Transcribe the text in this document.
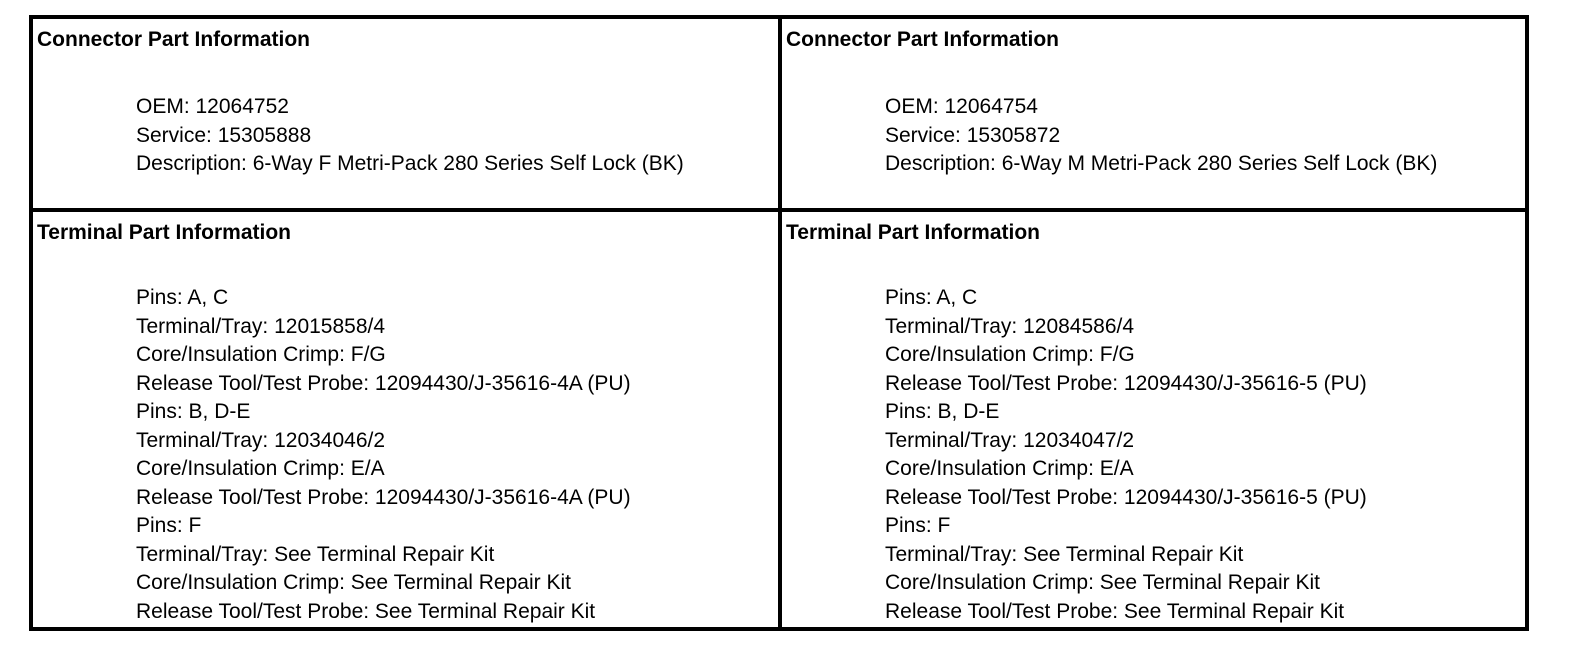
Connector Part Information
OEM: 12064752
Service: 15305888
Description: 6-Way F Metri-Pack 280 Series Self Lock (BK)
Connector Part Information
OEM: 12064754
Service: 15305872
Description: 6-Way M Metri-Pack 280 Series Self Lock (BK)
Terminal Part Information
Pins: A, C
Terminal/Tray: 12015858/4
Core/Insulation Crimp: F/G
Release Tool/Test Probe: 12094430/J-35616-4A (PU)
Pins: B, D-E
Terminal/Tray: 12034046/2
Core/Insulation Crimp: E/A
Release Tool/Test Probe: 12094430/J-35616-4A (PU)
Pins: F
Terminal/Tray: See Terminal Repair Kit
Core/Insulation Crimp: See Terminal Repair Kit
Release Tool/Test Probe: See Terminal Repair Kit
Terminal Part Information
Pins: A, C
Terminal/Tray: 12084586/4
Core/Insulation Crimp: F/G
Release Tool/Test Probe: 12094430/J-35616-5 (PU)
Pins: B, D-E
Terminal/Tray: 12034047/2
Core/Insulation Crimp: E/A
Release Tool/Test Probe: 12094430/J-35616-5 (PU)
Pins: F
Terminal/Tray: See Terminal Repair Kit
Core/Insulation Crimp: See Terminal Repair Kit
Release Tool/Test Probe: See Terminal Repair Kit
